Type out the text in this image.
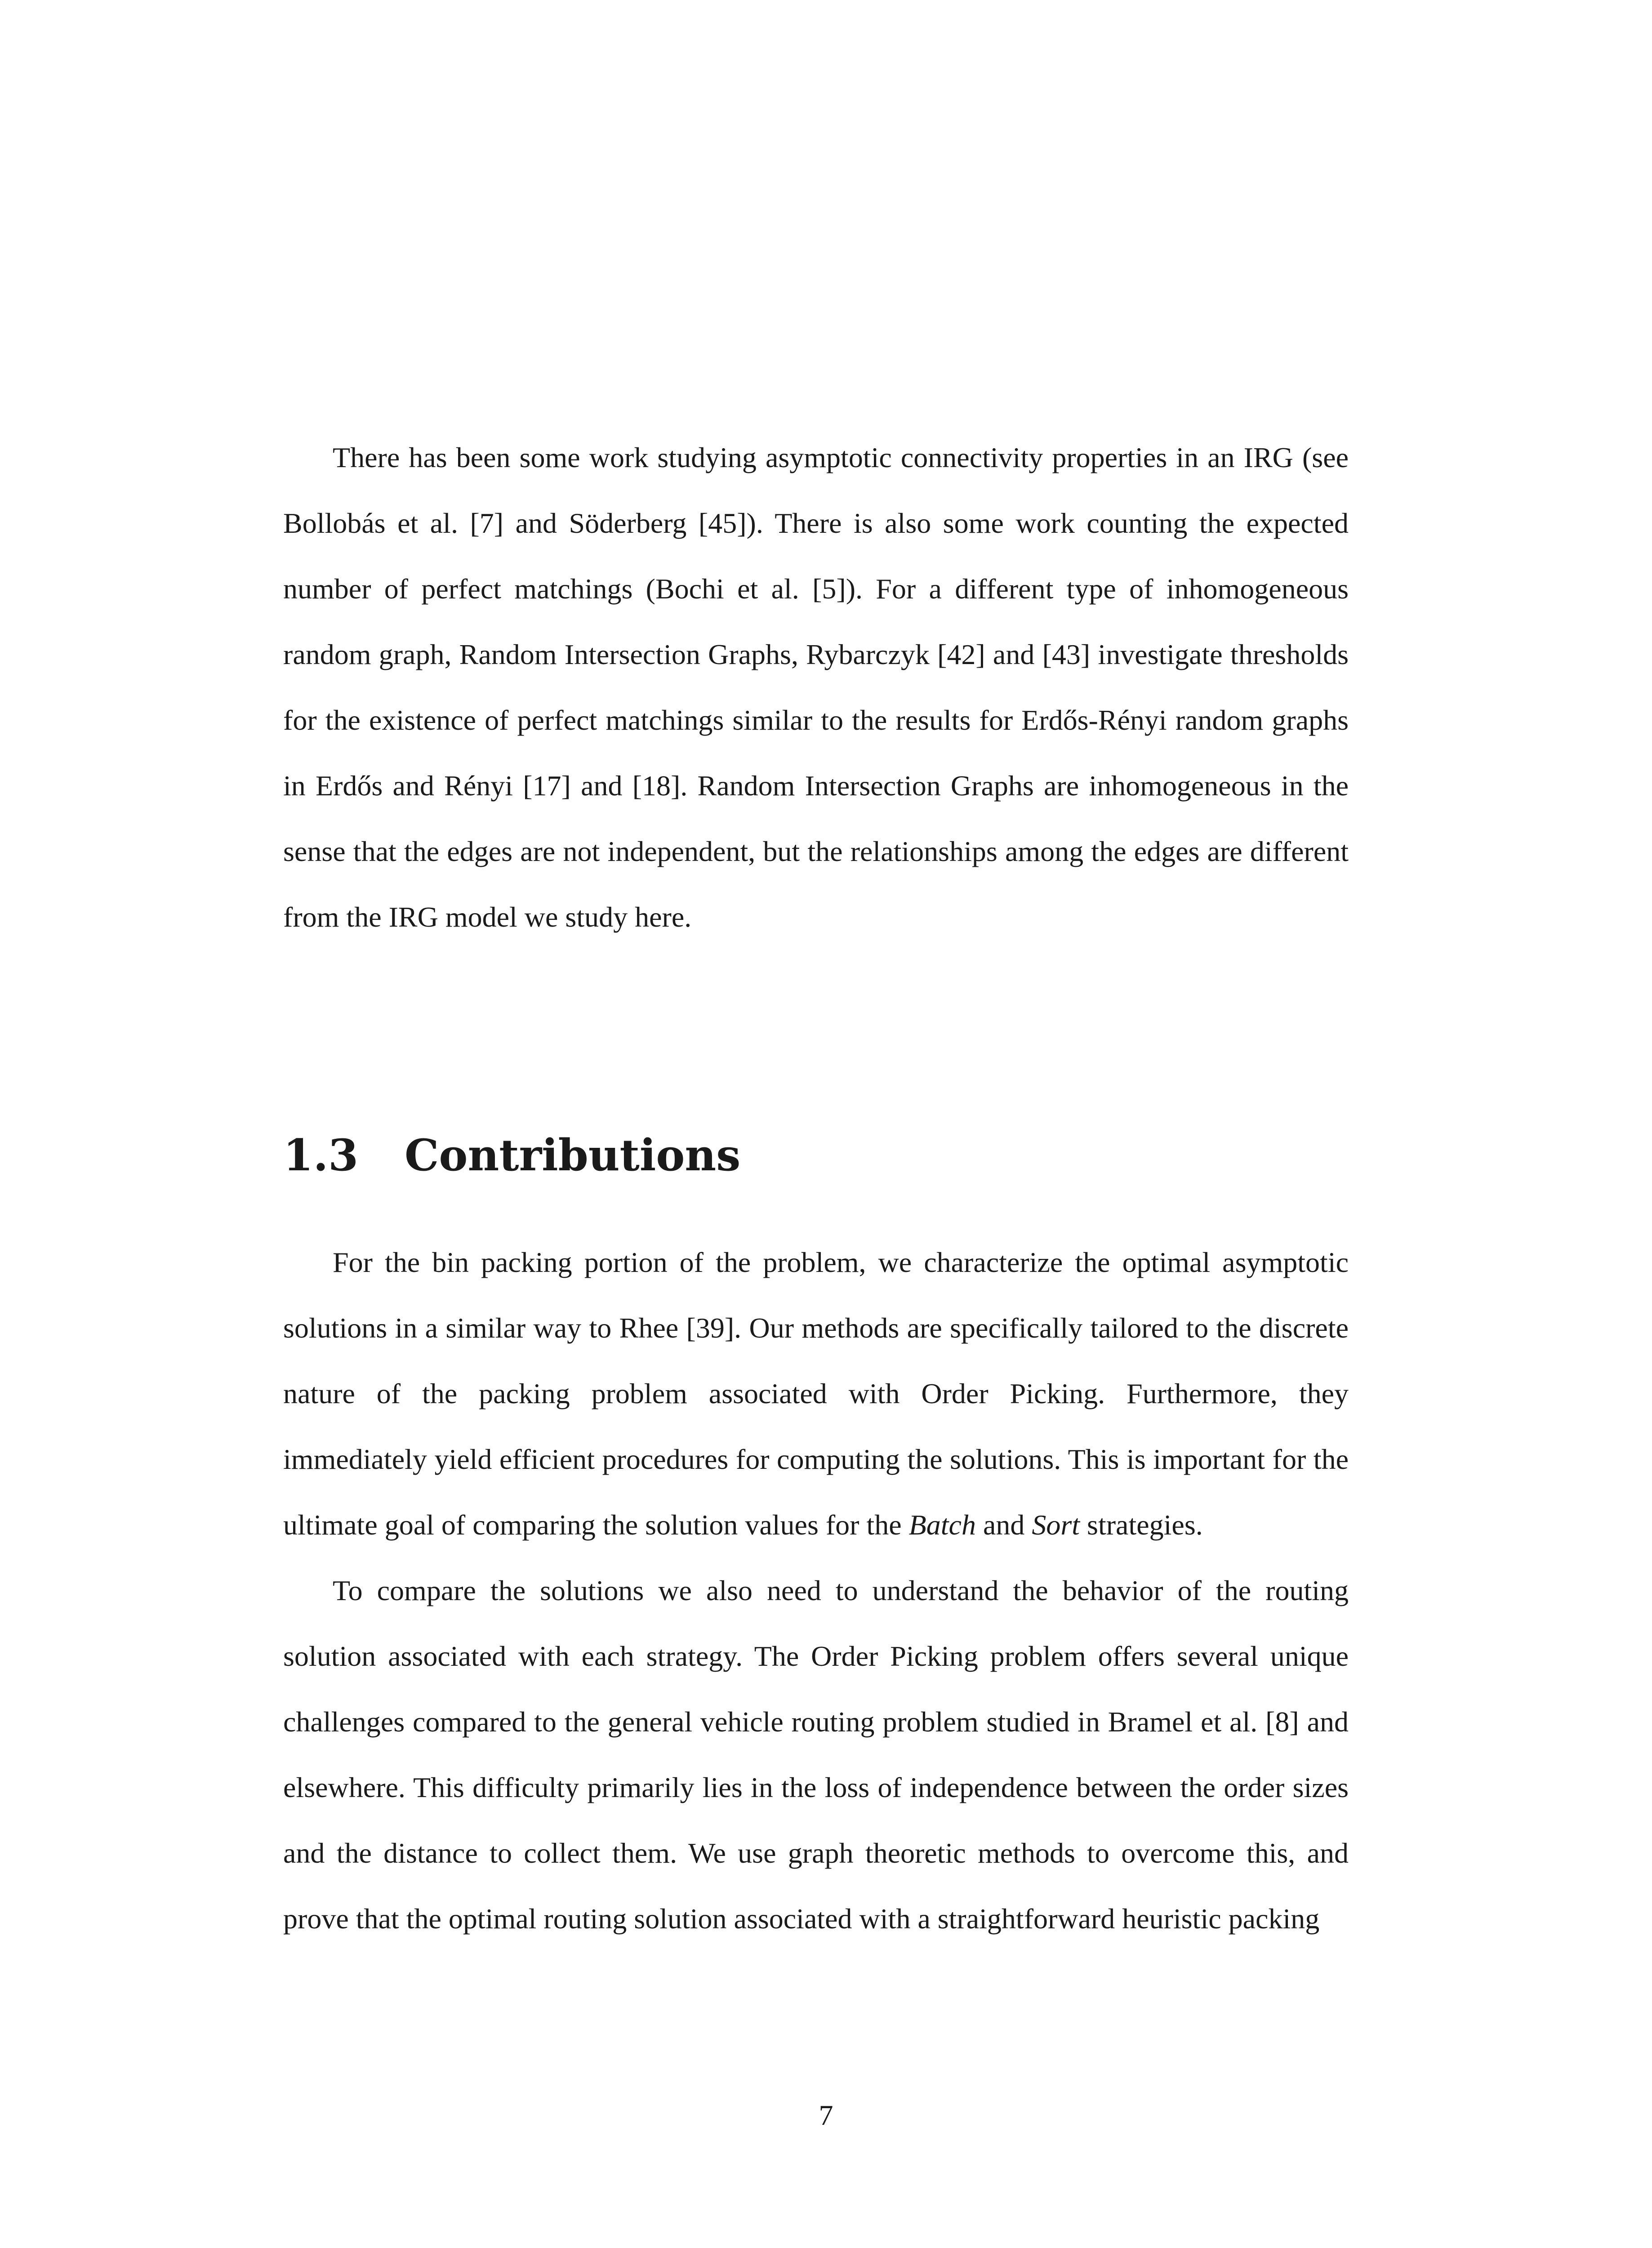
There has been some work studying asymptotic connectivity properties in an IRG (see Bollobás et al. [7] and Söderberg [45]). There is also some work counting the expected number of perfect matchings (Bochi et al. [5]). For a different type of inhomogeneous random graph, Random Intersection Graphs, Rybarczyk [42] and [43] investigate thresholds for the existence of perfect matchings similar to the results for Erdős-Rényi random graphs in Erdős and Rényi [17] and [18]. Random Intersection Graphs are inhomogeneous in the sense that the edges are not independent, but the relationships among the edges are different from the IRG model we study here.

1.3 Contributions

For the bin packing portion of the problem, we characterize the optimal asymptotic solutions in a similar way to Rhee [39]. Our methods are specifically tailored to the discrete nature of the packing problem associated with Order Picking. Furthermore, they immediately yield efficient procedures for computing the solutions. This is important for the ultimate goal of comparing the solution values for the Batch and Sort strategies.

To compare the solutions we also need to understand the behavior of the routing solution associated with each strategy. The Order Picking problem offers several unique challenges compared to the general vehicle routing problem studied in Bramel et al. [8] and elsewhere. This difficulty primarily lies in the loss of independence between the order sizes and the distance to collect them. We use graph theoretic methods to overcome this, and prove that the optimal routing solution associated with a straightforward heuristic packing

7
